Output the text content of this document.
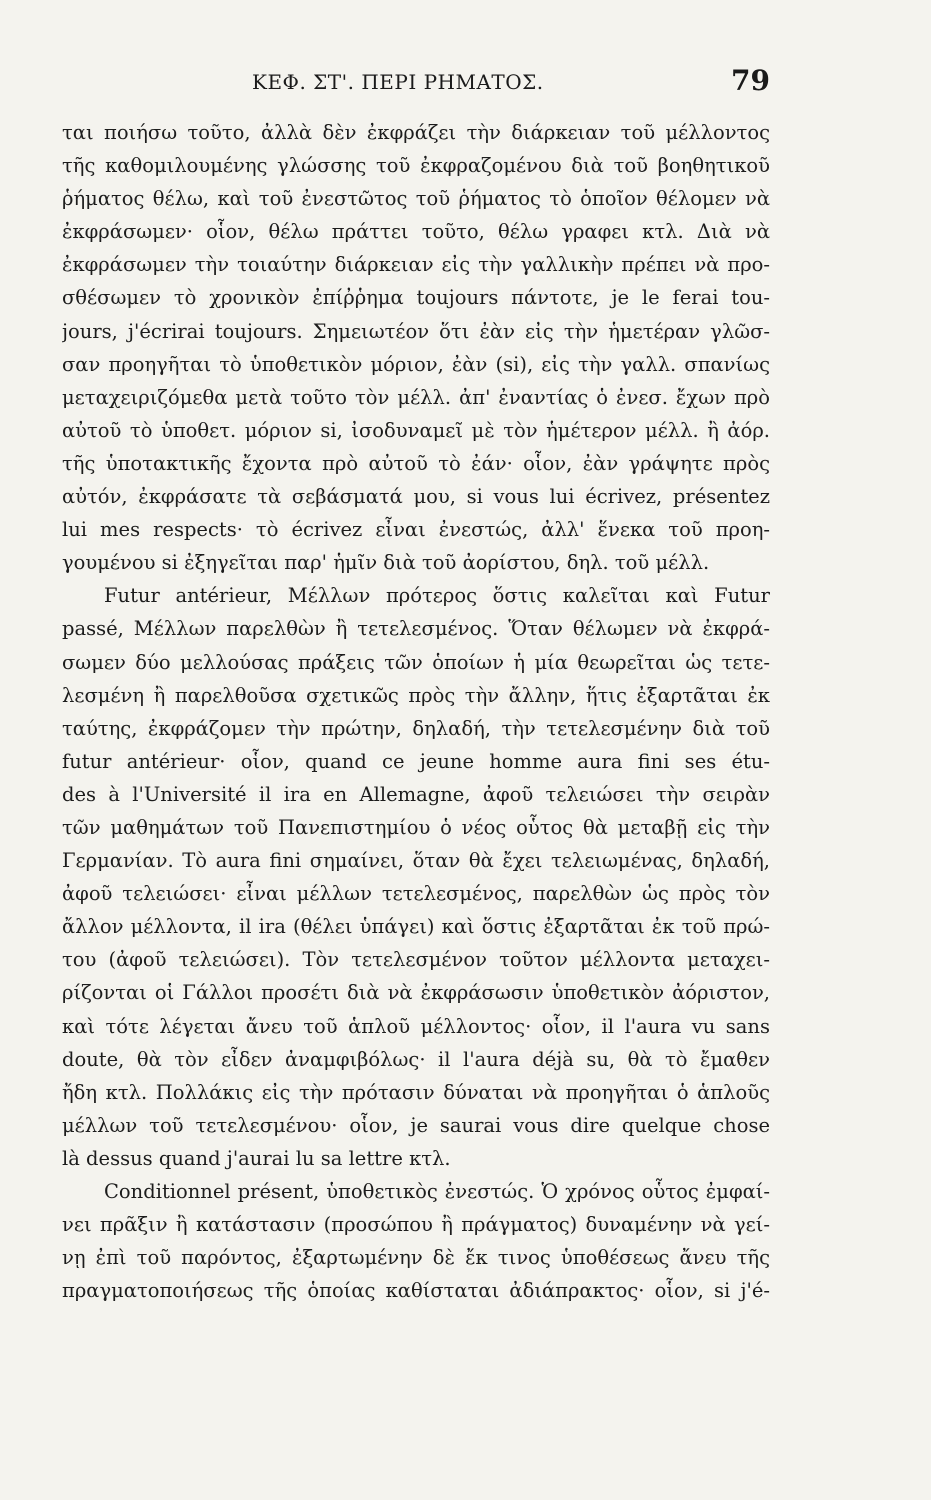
ΚΕΦ. ΣΤ'. ΠΕΡΙ ΡΗΜΑΤΟΣ.	79
ται ποιήσω τοῦτο, ἀλλὰ δὲν ἐκφράζει τὴν διάρκειαν τοῦ μέλλοντος
τῆς καθομιλουμένης γλώσσης τοῦ ἐκφραζομένου διὰ τοῦ βοηθητικοῦ
ῥήματος θέλω, καὶ τοῦ ἐνεστῶτος τοῦ ῥήματος τὸ ὁποῖον θέλομεν νὰ
ἐκφράσωμεν· οἷον, θέλω πράττει τοῦτο, θέλω γραφει κτλ. Διὰ νὰ
ἐκφράσωμεν τὴν τοιαύτην διάρκειαν εἰς τὴν γαλλικὴν πρέπει νὰ προ-
σθέσωμεν τὸ χρονικὸν ἐπίῤῥημα toujours πάντοτε, je le ferai tou-
jours, j'écrirai toujours. Σημειωτέον ὅτι ἐὰν εἰς τὴν ἡμετέραν γλῶσ-
σαν προηγῆται τὸ ὑποθετικὸν μόριον, ἐὰν (si), εἰς τὴν γαλλ. σπανίως
μεταχειριζόμεθα μετὰ τοῦτο τὸν μέλλ. ἀπ' ἐναντίας ὁ ἐνεσ. ἔχων πρὸ
αὐτοῦ τὸ ὑποθετ. μόριον si, ἰσοδυναμεῖ μὲ τὸν ἡμέτερον μέλλ. ἢ ἀόρ.
τῆς ὑποτακτικῆς ἔχοντα πρὸ αὐτοῦ τὸ ἐάν· οἷον, ἐὰν γράψητε πρὸς
αὐτόν, ἐκφράσατε τὰ σεβάσματά μου, si vous lui écrivez, présentez
lui mes respects· τὸ écrivez εἶναι ἐνεστώς, ἀλλ' ἕνεκα τοῦ προη-
γουμένου si ἐξηγεῖται παρ' ἡμῖν διὰ τοῦ ἀορίστου, δηλ. τοῦ μέλλ.
Futur antérieur, Μέλλων πρότερος ὅστις καλεῖται καὶ Futur
passé, Μέλλων παρελθὼν ἢ τετελεσμένος. Ὅταν θέλωμεν νὰ ἐκφρά-
σωμεν δύο μελλούσας πράξεις τῶν ὁποίων ἡ μία θεωρεῖται ὡς τετε-
λεσμένη ἢ παρελθοῦσα σχετικῶς πρὸς τὴν ἄλλην, ἥτις ἐξαρτᾶται ἐκ
ταύτης, ἐκφράζομεν τὴν πρώτην, δηλαδή, τὴν τετελεσμένην διὰ τοῦ
futur antérieur· οἷον, quand ce jeune homme aura fini ses étu-
des à l'Université il ira en Allemagne, ἀφοῦ τελειώσει τὴν σειρὰν
τῶν μαθημάτων τοῦ Πανεπιστημίου ὁ νέος οὗτος θὰ μεταβῇ εἰς τὴν
Γερμανίαν. Τὸ aura fini σημαίνει, ὅταν θὰ ἔχει τελειωμένας, δηλαδή,
ἀφοῦ τελειώσει· εἶναι μέλλων τετελεσμένος, παρελθὼν ὡς πρὸς τὸν
ἄλλον μέλλοντα, il ira (θέλει ὑπάγει) καὶ ὅστις ἐξαρτᾶται ἐκ τοῦ πρώ-
του (ἀφοῦ τελειώσει). Τὸν τετελεσμένον τοῦτον μέλλοντα μεταχει-
ρίζονται οἱ Γάλλοι προσέτι διὰ νὰ ἐκφράσωσιν ὑποθετικὸν ἀόριστον,
καὶ τότε λέγεται ἄνευ τοῦ ἁπλοῦ μέλλοντος· οἷον, il l'aura vu sans
doute, θὰ τὸν εἶδεν ἀναμφιβόλως· il l'aura déjà su, θὰ τὸ ἔμαθεν
ἤδη κτλ. Πολλάκις εἰς τὴν πρότασιν δύναται νὰ προηγῆται ὁ ἁπλοῦς
μέλλων τοῦ τετελεσμένου· οἷον, je saurai vous dire quelque chose
là dessus quand j'aurai lu sa lettre κτλ.
Conditionnel présent, ὑποθετικὸς ἐνεστώς. Ὁ χρόνος οὗτος ἐμφαί-
νει πρᾶξιν ἢ κατάστασιν (προσώπου ἢ πράγματος) δυναμένην νὰ γεί-
νῃ ἐπὶ τοῦ παρόντος, ἐξαρτωμένην δὲ ἔκ τινος ὑποθέσεως ἄνευ τῆς
πραγματοποιήσεως τῆς ὁποίας καθίσταται ἀδιάπρακτος· οἷον, si j'é-
